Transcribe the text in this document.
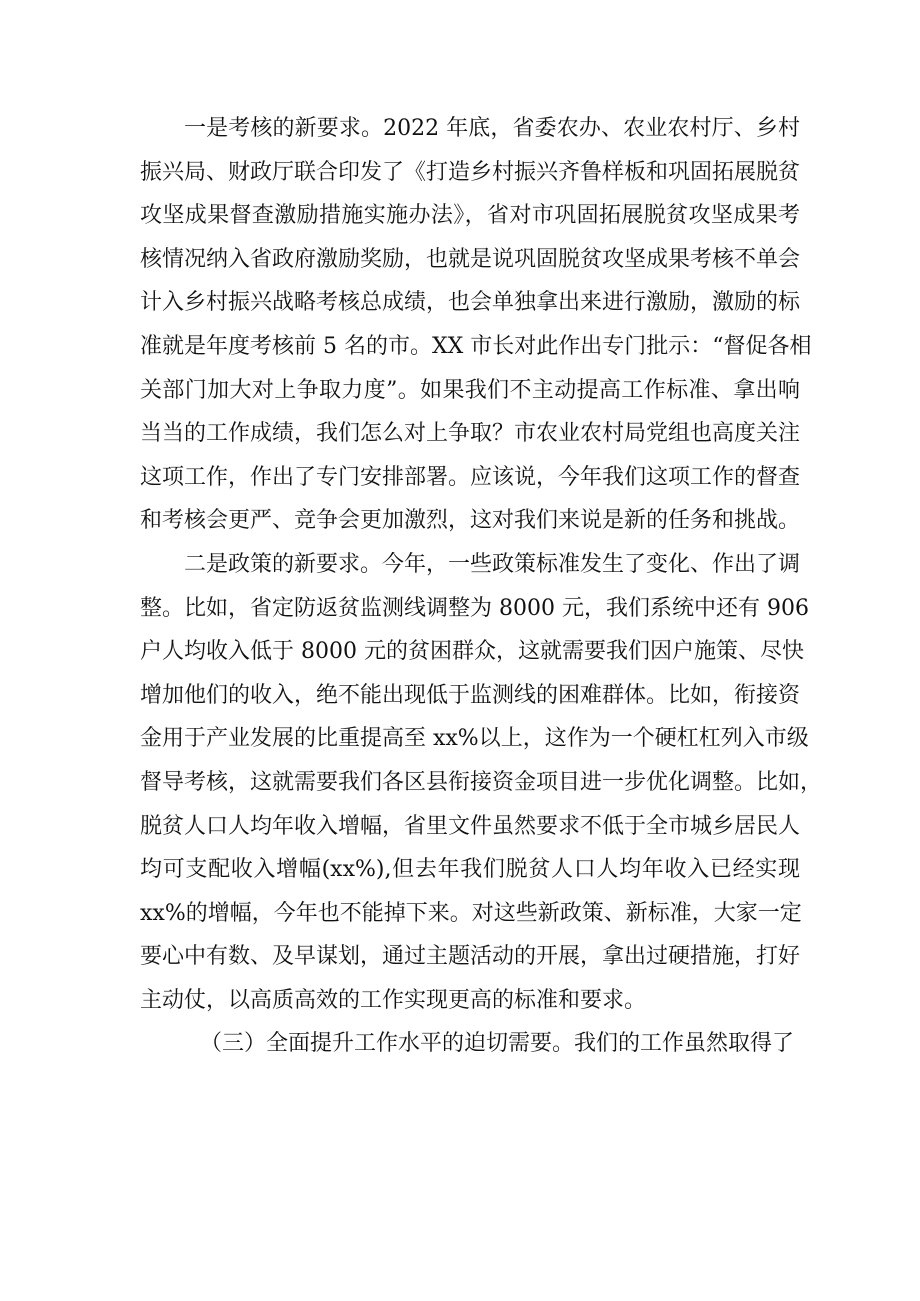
一是考核的新要求。2022 年底，省委农办、农业农村厅、乡村
振兴局、财政厅联合印发了《打造乡村振兴齐鲁样板和巩固拓展脱贫
攻坚成果督查激励措施实施办法》，省对市巩固拓展脱贫攻坚成果考
核情况纳入省政府激励奖励，也就是说巩固脱贫攻坚成果考核不单会
计入乡村振兴战略考核总成绩，也会单独拿出来进行激励，激励的标
准就是年度考核前 5 名的市。XX 市长对此作出专门批示：“督促各相
关部门加大对上争取力度”。如果我们不主动提高工作标准、拿出响
当当的工作成绩，我们怎么对上争取？市农业农村局党组也高度关注
这项工作，作出了专门安排部署。应该说，今年我们这项工作的督查
和考核会更严、竞争会更加激烈，这对我们来说是新的任务和挑战。
二是政策的新要求。今年，一些政策标准发生了变化、作出了调
整。比如，省定防返贫监测线调整为 8000 元，我们系统中还有 906
户人均收入低于 8000 元的贫困群众，这就需要我们因户施策、尽快
增加他们的收入，绝不能出现低于监测线的困难群体。比如，衔接资
金用于产业发展的比重提高至 xx%以上，这作为一个硬杠杠列入市级
督导考核，这就需要我们各区县衔接资金项目进一步优化调整。比如，
脱贫人口人均年收入增幅，省里文件虽然要求不低于全市城乡居民人
均可支配收入增幅(xx%),但去年我们脱贫人口人均年收入已经实现
xx%的增幅，今年也不能掉下来。对这些新政策、新标准，大家一定
要心中有数、及早谋划，通过主题活动的开展，拿出过硬措施，打好
主动仗，以高质高效的工作实现更高的标准和要求。
（三）全面提升工作水平的迫切需要。我们的工作虽然取得了
